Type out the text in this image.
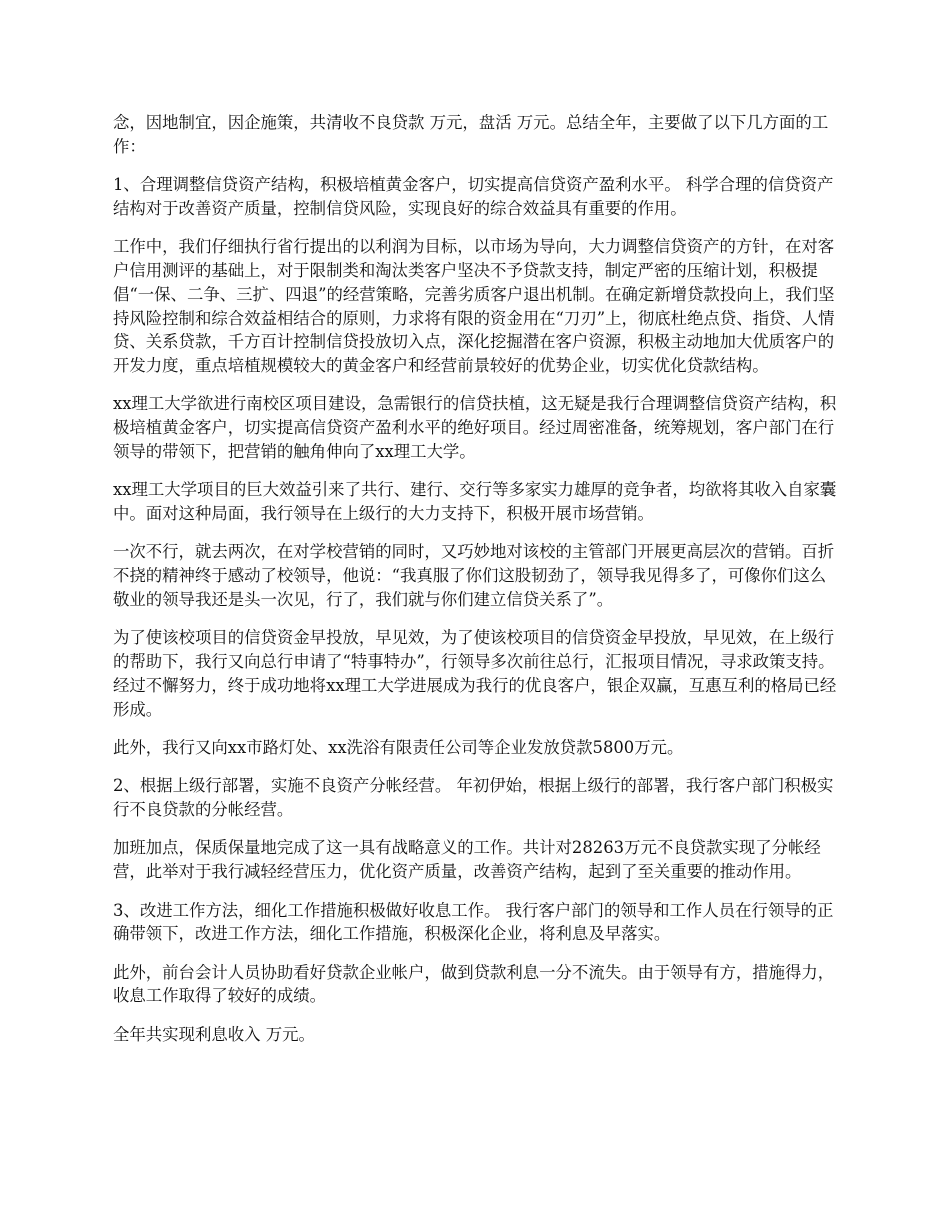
念，因地制宜，因企施策，共清收不良贷款 万元，盘活 万元。总结全年，主要做了以下几方面的工作：

1、合理调整信贷资产结构，积极培植黄金客户，切实提高信贷资产盈利水平。 科学合理的信贷资产结构对于改善资产质量，控制信贷风险，实现良好的综合效益具有重要的作用。

工作中，我们仔细执行省行提出的以利润为目标，以市场为导向，大力调整信贷资产的方针，在对客户信用测评的基础上，对于限制类和淘汰类客户坚决不予贷款支持，制定严密的压缩计划，积极提倡“一保、二争、三扩、四退”的经营策略，完善劣质客户退出机制。在确定新增贷款投向上，我们坚持风险控制和综合效益相结合的原则，力求将有限的资金用在“刀刃”上，彻底杜绝点贷、指贷、人情贷、关系贷款，千方百计控制信贷投放切入点，深化挖掘潜在客户资源，积极主动地加大优质客户的开发力度，重点培植规模较大的黄金客户和经营前景较好的优势企业，切实优化贷款结构。

xx理工大学欲进行南校区项目建设，急需银行的信贷扶植，这无疑是我行合理调整信贷资产结构，积极培植黄金客户，切实提高信贷资产盈利水平的绝好项目。经过周密准备，统筹规划，客户部门在行领导的带领下，把营销的触角伸向了xx理工大学。

xx理工大学项目的巨大效益引来了共行、建行、交行等多家实力雄厚的竞争者，均欲将其收入自家囊中。面对这种局面，我行领导在上级行的大力支持下，积极开展市场营销。

一次不行，就去两次，在对学校营销的同时，又巧妙地对该校的主管部门开展更高层次的营销。百折不挠的精神终于感动了校领导，他说：“我真服了你们这股韧劲了，领导我见得多了，可像你们这么敬业的领导我还是头一次见，行了，我们就与你们建立信贷关系了”。

为了使该校项目的信贷资金早投放，早见效，为了使该校项目的信贷资金早投放，早见效，在上级行的帮助下，我行又向总行申请了“特事特办”，行领导多次前往总行，汇报项目情况，寻求政策支持。经过不懈努力，终于成功地将xx理工大学进展成为我行的优良客户，银企双赢，互惠互利的格局已经形成。

此外，我行又向xx市路灯处、xx洗浴有限责任公司等企业发放贷款5800万元。

2、根据上级行部署，实施不良资产分帐经营。 年初伊始，根据上级行的部署，我行客户部门积极实行不良贷款的分帐经营。

加班加点，保质保量地完成了这一具有战略意义的工作。共计对28263万元不良贷款实现了分帐经营，此举对于我行减轻经营压力，优化资产质量，改善资产结构，起到了至关重要的推动作用。

3、改进工作方法，细化工作措施积极做好收息工作。 我行客户部门的领导和工作人员在行领导的正确带领下，改进工作方法，细化工作措施，积极深化企业，将利息及早落实。

此外，前台会计人员协助看好贷款企业帐户，做到贷款利息一分不流失。由于领导有方，措施得力，收息工作取得了较好的成绩。

全年共实现利息收入 万元。
